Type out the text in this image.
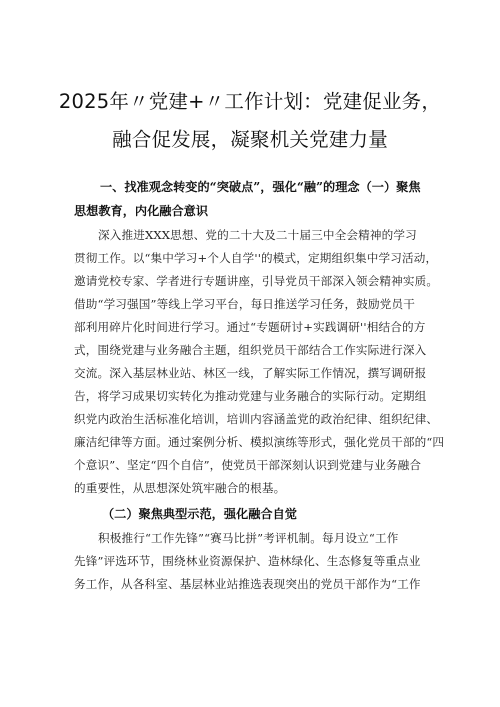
2025年〃党建+〃工作计划：党建促业务，
融合促发展，凝聚机关党建力量
一、找准观念转变的“突破点”，强化“融”的理念（一）聚焦
思想教育，内化融合意识
深入推进XXX思想、党的二十大及二十届三中全会精神的学习
贯彻工作。以“集中学习+个人自学''的模式，定期组织集中学习活动，
邀请党校专家、学者进行专题讲座，引导党员干部深入领会精神实质。
借助“学习强国”等线上学习平台，每日推送学习任务，鼓励党员干
部利用碎片化时间进行学习。通过“专题研讨+实践调研''相结合的方
式，围绕党建与业务融合主题，组织党员干部结合工作实际进行深入
交流。深入基层林业站、林区一线，了解实际工作情况，撰写调研报
告，将学习成果切实转化为推动党建与业务融合的实际行动。定期组
织党内政治生活标准化培训，培训内容涵盖党的政治纪律、组织纪律、
廉洁纪律等方面。通过案例分析、模拟演练等形式，强化党员干部的“四
个意识”、坚定“四个自信”，使党员干部深刻认识到党建与业务融合
的重要性，从思想深处筑牢融合的根基。
（二）聚焦典型示范，强化融合自觉
积极推行“工作先锋”“赛马比拼”考评机制。每月设立“工作
先锋”评选环节，围绕林业资源保护、造林绿化、生态修复等重点业
务工作，从各科室、基层林业站推选表现突出的党员干部作为“工作
